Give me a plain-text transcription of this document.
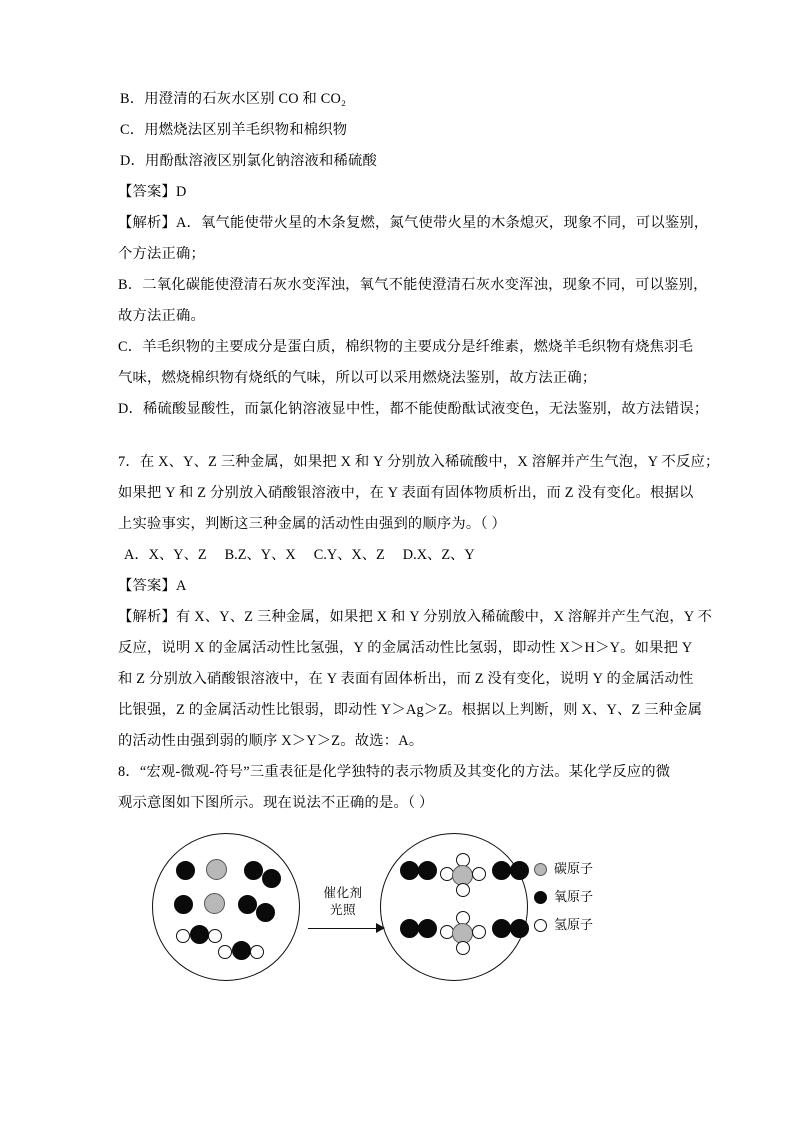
B．用澄清的石灰水区别 CO 和 CO₂
C．用燃烧法区别羊毛织物和棉织物
D．用酚酞溶液区别氯化钠溶液和稀硫酸
【答案】D
【解析】A．氧气能使带火星的木条复燃，氮气使带火星的木条熄灭，现象不同，可以鉴别，
个方法正确；
B．二氧化碳能使澄清石灰水变浑浊，氧气不能使澄清石灰水变浑浊，现象不同，可以鉴别，
故方法正确。
C．羊毛织物的主要成分是蛋白质，棉织物的主要成分是纤维素，燃烧羊毛织物有烧焦羽毛
气味，燃烧棉织物有烧纸的气味，所以可以采用燃烧法鉴别，故方法正确；
D．稀硫酸显酸性，而氯化钠溶液显中性，都不能使酚酞试液变色，无法鉴别，故方法错误；
7．在 X、Y、Z 三种金属，如果把 X 和 Y 分别放入稀硫酸中，X 溶解并产生气泡，Y 不反应；
如果把 Y 和 Z 分别放入硝酸银溶液中，在 Y 表面有固体物质析出，而 Z 没有变化。根据以
上实验事实，判断这三种金属的活动性由强到的顺序为。（ ）
A．X、Y、Z B.Z、Y、X C.Y、X、Z D.X、Z、Y
【答案】A
【解析】有 X、Y、Z 三种金属，如果把 X 和 Y 分别放入稀硫酸中，X 溶解并产生气泡，Y 不
反应，说明 X 的金属活动性比氢强，Y 的金属活动性比氢弱，即动性 X＞H＞Y。如果把 Y
和 Z 分别放入硝酸银溶液中，在 Y 表面有固体析出，而 Z 没有变化，说明 Y 的金属活动性
比银强，Z 的金属活动性比银弱，即动性 Y＞Ag＞Z。根据以上判断，则 X、Y、Z 三种金属
的活动性由强到弱的顺序 X＞Y＞Z。故选：A。
8．“宏观-微观-符号”三重表征是化学独特的表示物质及其变化的方法。某化学反应的微
观示意图如下图所示。现在说法不正确的是。（ ）
催化剂
光照
碳原子
氧原子
氢原子
